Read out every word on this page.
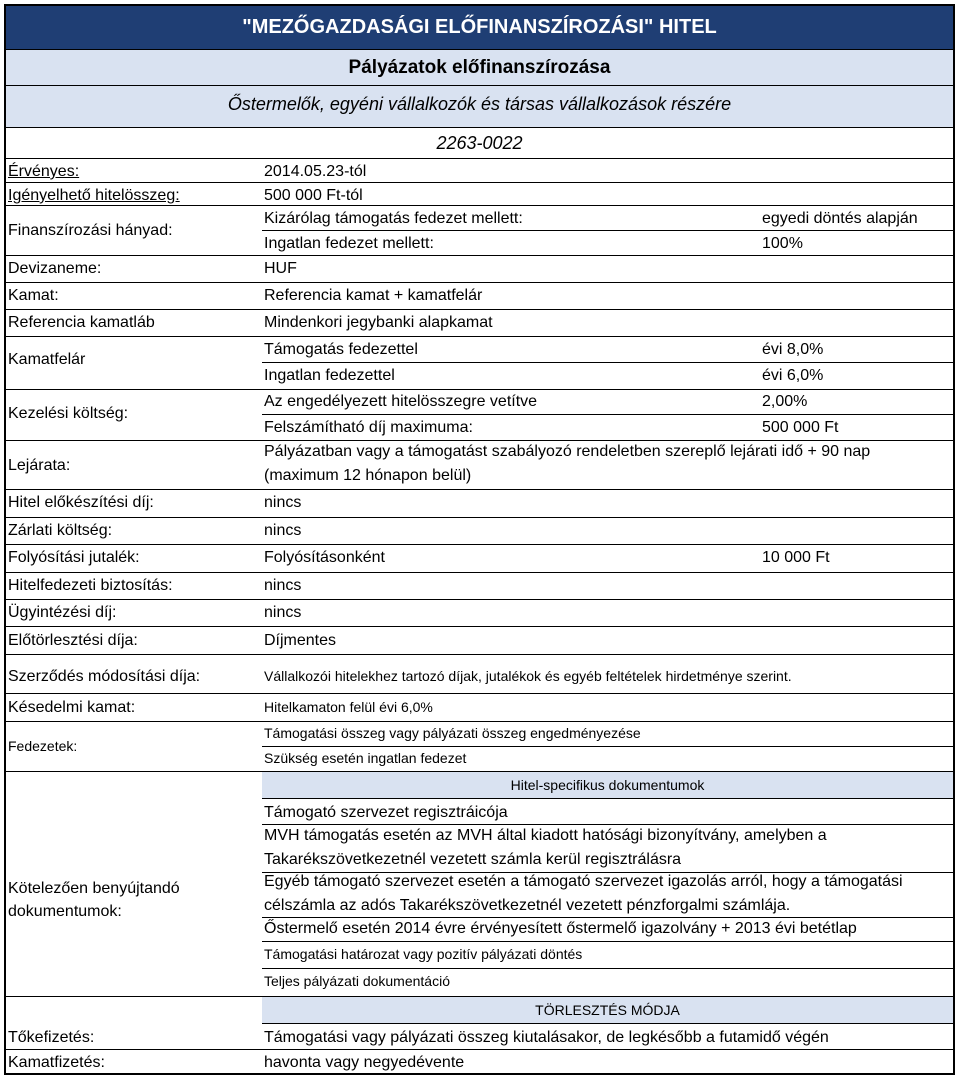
"MEZŐGAZDASÁGI ELŐFINANSZÍROZÁSI" HITEL
Pályázatok előfinanszírozása
Őstermelők, egyéni vállalkozók és társas vállalkozások részére
2263-0022
Érvényes:	2014.05.23-tól
Igényelhető hitelösszeg:	500 000 Ft-tól
Finanszírozási hányad:
Kizárólag támogatás fedezet mellett:	egyedi döntés alapján
Ingatlan fedezet mellett:	100%
Devizaneme:	HUF
Kamat:	Referencia kamat + kamatfelár
Referencia kamatláb	Mindenkori jegybanki alapkamat
Kamatfelár
Támogatás fedezettel	évi 8,0%
Ingatlan fedezettel	évi 6,0%
Kezelési költség:
Az engedélyezett hitelösszegre vetítve	2,00%
Felszámítható díj maximuma:	500 000 Ft
Lejárata:
Pályázatban vagy a támogatást szabályozó rendeletben szereplő lejárati idő + 90 nap (maximum 12 hónapon belül)
Hitel előkészítési díj:	nincs
Zárlati költség:	nincs
Folyósítási jutalék:	Folyósításonként	10 000 Ft
Hitelfedezeti biztosítás:	nincs
Ügyintézési díj:	nincs
Előtörlesztési díja:	Díjmentes
Szerződés módosítási díja:	Vállalkozói hitelekhez tartozó díjak, jutalékok és egyéb feltételek hirdetménye szerint.
Késedelmi kamat:	Hitelkamaton felül évi 6,0%
Fedezetek:
Támogatási összeg vagy pályázati összeg engedményezése
Szükség esetén ingatlan fedezet
Hitel-specifikus dokumentumok
Kötelezően benyújtandó
dokumentumok:
Támogató szervezet regisztráicója
MVH támogatás esetén az MVH által kiadott hatósági bizonyítvány, amelyben a Takarékszövetkezetnél vezetett számla kerül regisztrálásra
Egyéb támogató szervezet esetén a támogató szervezet igazolás arról, hogy a támogatási célszámla az adós Takarékszövetkezetnél vezetett pénzforgalmi számlája.
Őstermelő esetén 2014 évre érvényesített őstermelő igazolvány + 2013 évi betétlap
Támogatási határozat vagy pozitív pályázati döntés
Teljes pályázati dokumentáció
TÖRLESZTÉS MÓDJA
Tőkefizetés:	Támogatási vagy pályázati összeg kiutalásakor, de legkésőbb a futamidő végén
Kamatfizetés:	havonta vagy negyedévente
